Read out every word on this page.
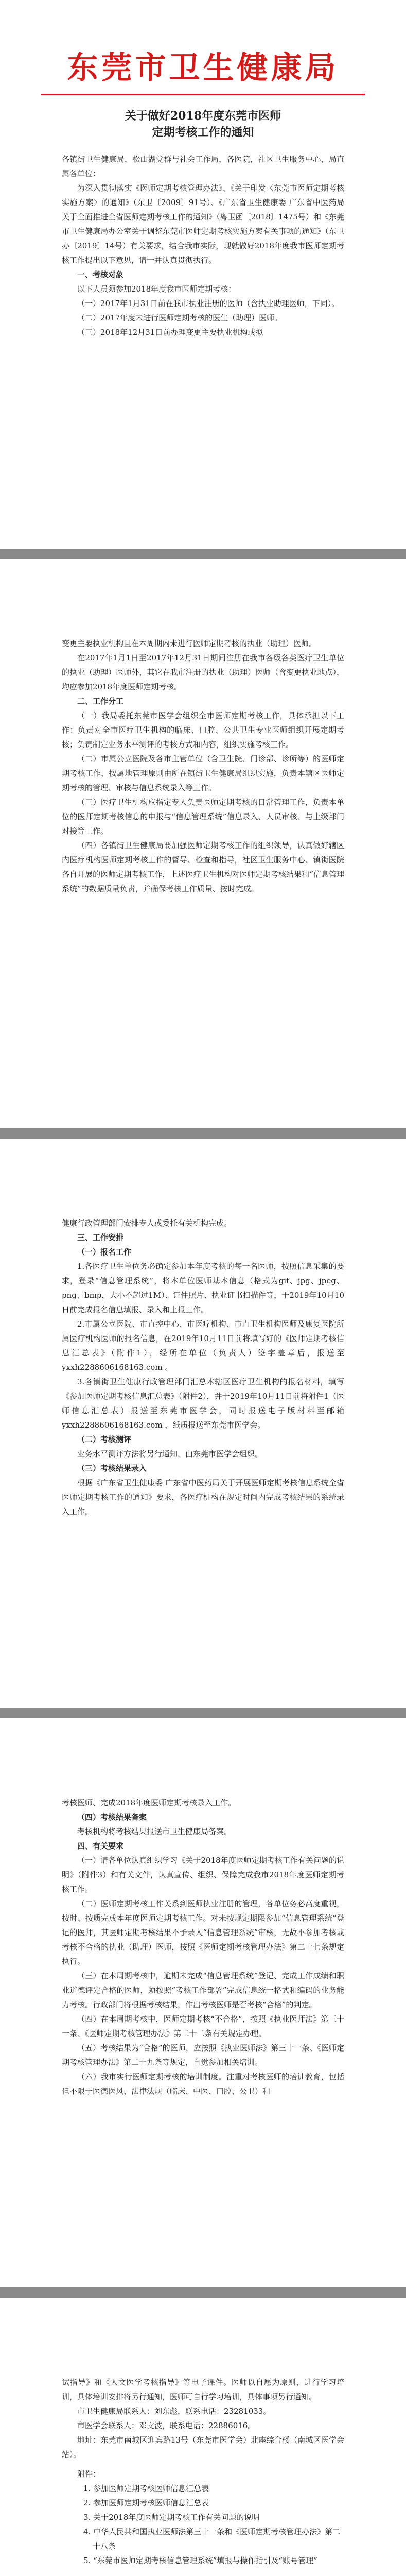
东莞市卫生健康局
关于做好2018年度东莞市医师
定期考核工作的通知

各镇街卫生健康局，松山湖党群与社会工作局，各医院，社区卫生服务中心，局直属各单位：

为深入贯彻落实《医师定期考核管理办法》、《关于印发〈东莞市医师定期考核实施方案〉的通知》（东卫〔2009〕91号）、《广东省卫生健康委 广东省中医药局关于全面推进全省医师定期考核工作的通知》（粤卫函〔2018〕1475号）和《东莞市卫生健康局办公室关于调整东莞市医师定期考核实施方案有关事项的通知》（东卫办〔2019〕14号）有关要求，结合我市实际，现就做好2018年度我市医师定期考核工作提出以下意见，请一并认真贯彻执行。

一、考核对象

以下人员须参加2018年度我市医师定期考核：

（一）2017年1月31日前在我市执业注册的医师（含执业助理医师，下同）。

（二）2017年度未进行医师定期考核的医生（助理）医师。

（三）2018年12月31日前办理变更主要执业机构或拟

变更主要执业机构且在本周期内未进行医师定期考核的执业（助理）医师。

在2017年1月1日至2017年12月31日期间注册在我市各级各类医疗卫生单位的执业（助理）医师外，其它在我市注册的执业（助理）医师（含变更执业地点），均应参加2018年度医师定期考核。

二、工作分工

（一）我局委托东莞市医学会组织全市医师定期考核工作，具体承担以下工作：负责对全市医疗卫生机构的临床、口腔、公共卫生专业医师组织开展定期考核；负责制定业务水平测评的考核方式和内容，组织实施考核工作。

（二）市属公立医院及各市主管单位（含卫生院、门诊部、诊所等）的医师定期考核工作，按属地管理原则由所在镇街卫生健康局组织实施，负责本辖区医师定期考核的管理、审核与信息系统录入等工作。

（三）医疗卫生机构应指定专人负责医师定期考核的日常管理工作，负责本单位的医师定期考核信息的申报与“信息管理系统”信息录入、人员审核、与上级部门对接等工作。

（四）各镇街卫生健康局要加强医师定期考核工作的组织领导，认真做好辖区内医疗机构医师定期考核工作的督导、检查和指导，社区卫生服务中心、镇街医院各自开展的医师定期考核工作，上述医疗卫生机构对医师定期考核结果和“信息管理系统”的数据质量负责，并确保考核工作质量、按时完成。

健康行政管理部门安排专人或委托有关机构完成。

三、工作安排

（一）报名工作

1.各医疗卫生单位务必确定参加本年度考核的每一名医师，按照信息采集的要求，登录“信息管理系统”，将本单位医师基本信息（格式为gif、jpg、jpeg、png、bmp，大小不超过1M）、证件照片、执业证书扫描件等，于2019年10月10日前完成报名信息填报、录入和上报工作。

2.市属公立医院、市直控中心、市医疗机构、市直卫生机构医师及康复医院所属医疗机构医师的报名信息，在2019年10月11日前将填写好的《医师定期考核信息汇总表》（附件1），经所在单位（负责人）签字盖章后，报送至 yxxh2288606168163.com 。

3.各镇街卫生健康行政管理部门汇总本辖区医疗卫生机构的报名材料，填写《参加医师定期考核信息汇总表》（附件2），并于2019年10月11日前将附件1（医师信息汇总表）报送至东莞市医学会，同时报送电子版材料至邮箱 yxxh2288606168163.com ，纸质报送至东莞市医学会。

（二）考核测评

业务水平测评方法将另行通知，由东莞市医学会组织。

（三）考核结果录入

根据《广东省卫生健康委 广东省中医药局关于开展医师定期考核信息系统全省医师定期考核工作的通知》要求，各医疗机构在规定时间内完成考核结果的系统录入工作。

考核医师、完成2018年度医师定期考核录入工作。

（四）考核结果备案

考核机构将考核结果报送市卫生健康局备案。

四、有关要求

（一）请各单位认真组织学习《关于2018年度医师定期考核工作有关问题的说明》（附件3）和有关文件，认真宣传、组织、保障完成我市2018年度医师定期考核工作。

（二）医师定期考核工作关系到医师执业注册的管理，各单位务必高度重视，按时、按质完成本年度医师定期考核工作。对未按规定期限参加“信息管理系统”登记的医师，其医师定期考核结果不予录入“信息管理系统”审核，无故不参加考核或考核不合格的执业（助理）医师，按照《医师定期考核管理办法》第二十七条规定执行。

（三）在本周期考核中，逾期未完成“信息管理系统”登记、完成工作成绩和职业道德评定合格的医师，须按照“考核工作部署”完成信息统一格式和编码的业务能力考核。行政部门将根据考核结果，作出考核医师是否考核“合格”的判定。

（四）在本周期考核中，医师定期考核“不合格”，按照《执业医师法》第三十一条、《医师定期考核管理办法》第二十二条有关规定办理。

（五）考核结果为“合格”的医师，应按照《执业医师法》第三十一条、《医师定期考核管理办法》第二十九条等规定，自觉参加相关培训。

（六）我市实行医师定期考核的培训制度。注重对考核医师的培训教育，包括但不限于医德医风、法律法规（临床、中医、口腔、公卫）和

试指导》和《人文医学考核指导》等电子课件。医师以自愿为原则，进行学习培训，具体培训安排将另行通知，医师可自行学习培训，具体事项另行通知。

市卫生健康局联系人：刘东彪，联系电话：23281033。

市医学会联系人：邓文波，联系电话：22886016。

地址：东莞市南城区迎宾路13号（东莞市医学会）北座综合楼（南城区医学会站）。

附件：

1. 参加医师定期考核医师信息汇总表

2. 参加医师定期考核医师信息汇总表

3. 关于2018年度医师定期考核工作有关问题的说明

4. 中华人民共和国执业医师法第三十一条和《医师定期考核管理办法》第二十八条

5. “东莞市医师定期考核信息管理系统”填报与操作指引及“账号管理”
